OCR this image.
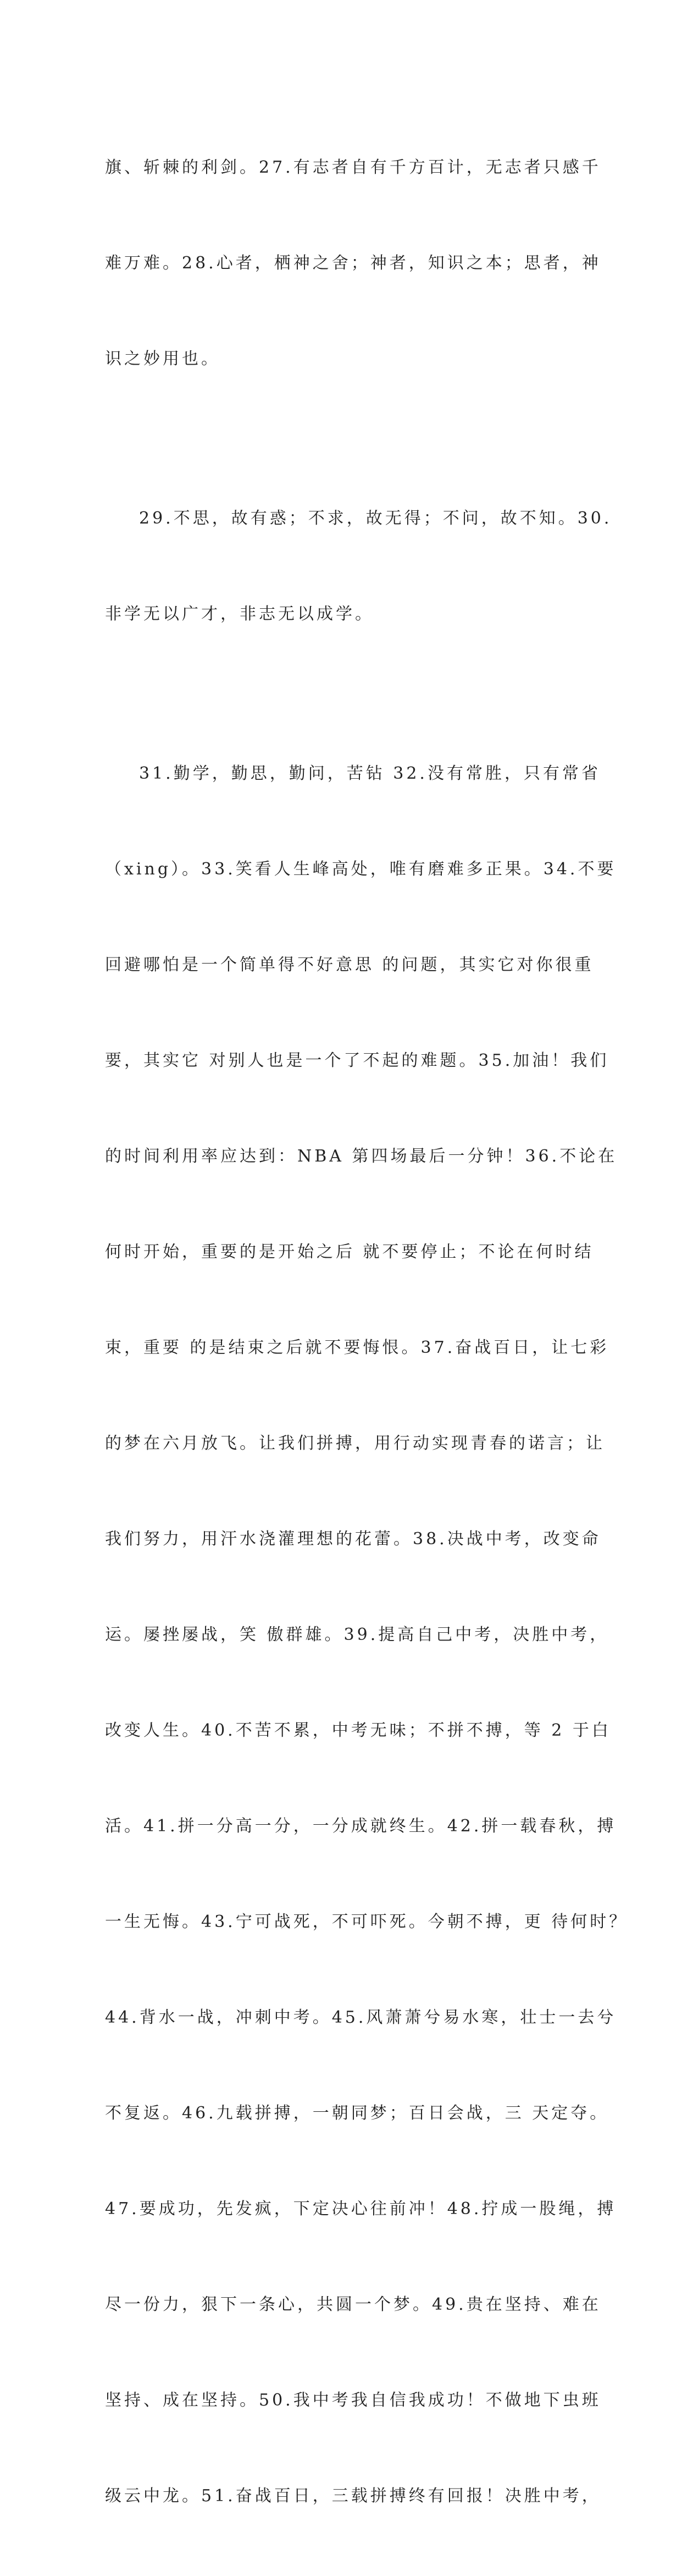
旗、斩棘的利剑。27.有志者自有千方百计，无志者只感千

难万难。28.心者，栖神之舍；神者，知识之本；思者，神

识之妙用也。

29.不思，故有惑；不求，故无得；不问，故不知。30.

非学无以广才，非志无以成学。

31.勤学，勤思，勤问，苦钻 32.没有常胜，只有常省

（xing）。33.笑看人生峰高处，唯有磨难多正果。34.不要

回避哪怕是一个简单得不好意思 的问题，其实它对你很重

要，其实它 对别人也是一个了不起的难题。35.加油！我们

的时间利用率应达到：NBA 第四场最后一分钟！36.不论在

何时开始，重要的是开始之后 就不要停止；不论在何时结

束，重要 的是结束之后就不要悔恨。37.奋战百日，让七彩

的梦在六月放飞。让我们拼搏，用行动实现青春的诺言；让

我们努力，用汗水浇灌理想的花蕾。38.决战中考，改变命

运。屡挫屡战，笑 傲群雄。39.提高自己中考，决胜中考，

改变人生。40.不苦不累，中考无味；不拼不搏，等 2 于白

活。41.拼一分高一分，一分成就终生。42.拼一载春秋，搏

一生无悔。43.宁可战死，不可吓死。今朝不搏，更 待何时？

44.背水一战，冲刺中考。45.风萧萧兮易水寒，壮士一去兮

不复返。46.九载拼搏，一朝同梦；百日会战，三 天定夺。

47.要成功，先发疯，下定决心往前冲！48.拧成一股绳，搏

尽一份力，狠下一条心，共圆一个梦。49.贵在坚持、难在

坚持、成在坚持。50.我中考我自信我成功！不做地下虫班

级云中龙。51.奋战百日，三载拼搏终有回报！决胜中考，
